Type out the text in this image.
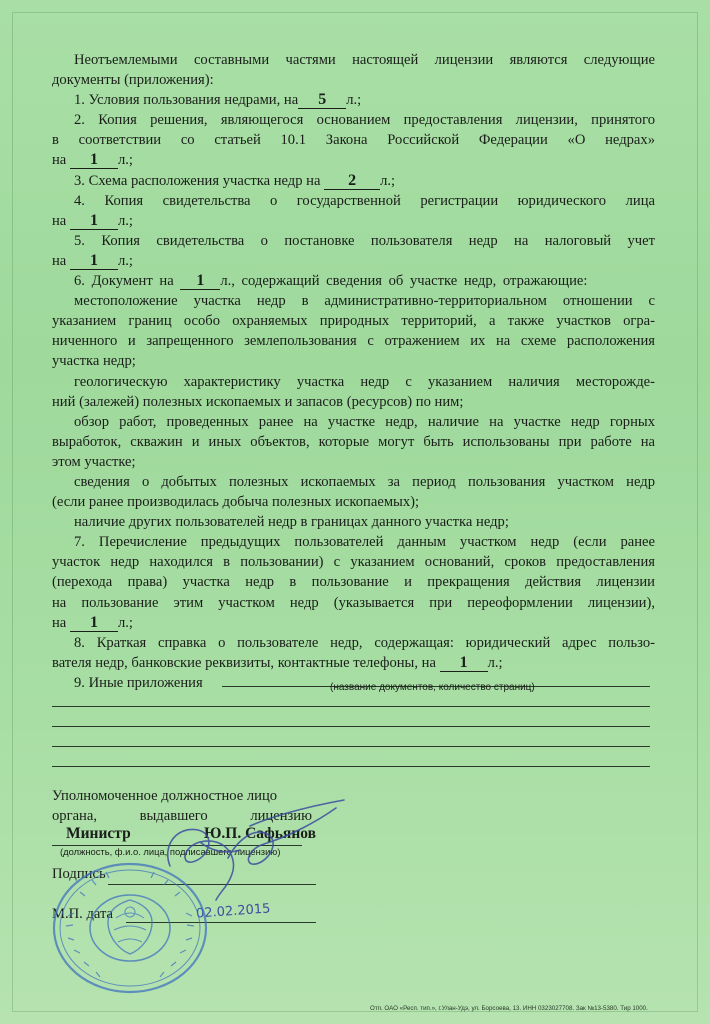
Неотъемлемыми составными частями настоящей лицензии являются следующие

документы (приложения):

1. Условия пользования недрами, на 5 л.;

2. Копия решения, являющегося основанием предоставления лицензии, принятого

в соответствии со статьей 10.1 Закона Российской Федерации «О недрах»

на 1 л.;

3. Схема расположения участка недр на 2 л.;

4. Копия свидетельства о государственной регистрации юридического лица

на 1 л.;

5. Копия свидетельства о постановке пользователя недр на налоговый учет

на 1 л.;

6. Документ на 1 л., содержащий сведения об участке недр, отражающие:

местоположение участка недр в административно-территориальном отношении с

указанием границ особо охраняемых природных территорий, а также участков огра-

ниченного и запрещенного землепользования с отражением их на схеме расположения

участка недр;

геологическую характеристику участка недр с указанием наличия месторожде-

ний (залежей) полезных ископаемых и запасов (ресурсов) по ним;

обзор работ, проведенных ранее на участке недр, наличие на участке недр горных

выработок, скважин и иных объектов, которые могут быть использованы при работе на

этом участке;

сведения о добытых полезных ископаемых за период пользования участком недр

(если ранее производилась добыча полезных ископаемых);

наличие других пользователей недр в границах данного участка недр;

7. Перечисление предыдущих пользователей данным участком недр (если ранее

участок недр находился в пользовании) с указанием оснований, сроков предоставления

(перехода права) участка недр в пользование и прекращения действия лицензии

на пользование этим участком недр (указывается при переоформлении лицензии),

на 1 л.;

8. Краткая справка о пользователе недр, содержащая: юридический адрес пользо-

вателя недр, банковские реквизиты, контактные телефоны, на 1 л.;

9. Иные приложения	(название документов, количество страниц)
Уполномоченное должностное лицо
органа,	выдавшего	лицензию
Министр	Ю.П. Сафьянов
(должность, ф.и.о. лица, подписавшего лицензию)
Подпись
М.П. дата	02.02.2015
Отп. ОАО «Респ. тип.», г.Улан-Удэ, ул. Борсоева, 13. ИНН 0323027708. Зак №13-5380. Тир 1000.
